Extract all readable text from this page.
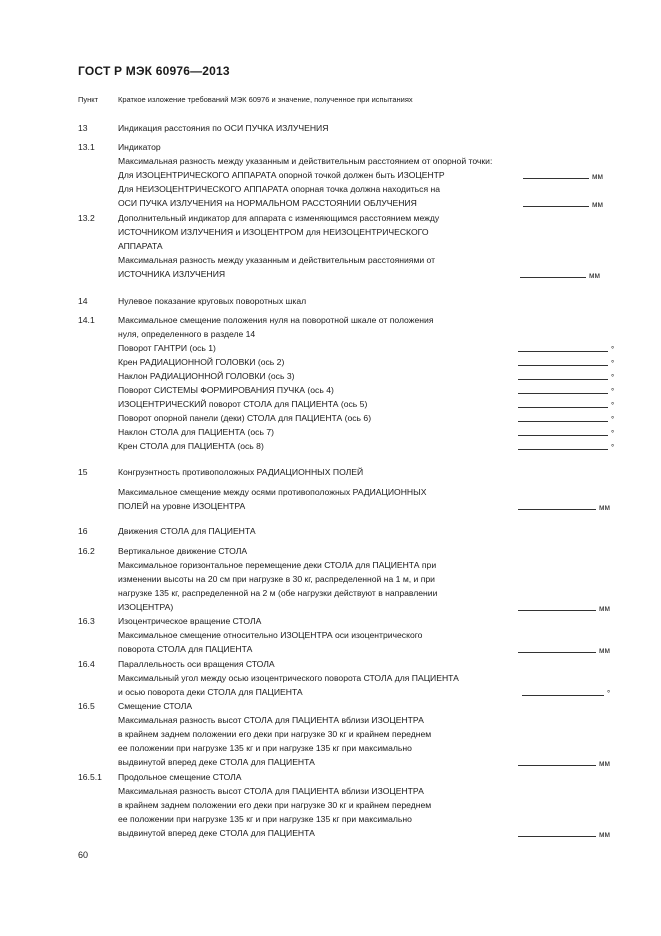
ГОСТ Р МЭК 60976—2013
Пункт	Краткое изложение требований МЭК 60976 и значение, полученное при испытаниях
13	Индикация расстояния по ОСИ ПУЧКА ИЗЛУЧЕНИЯ
13.1	Индикатор
Максимальная разность между указанным и действительным расстоянием от опорной точки:
Для ИЗОЦЕНТРИЧЕСКОГО АППАРАТА опорной точкой должен быть ИЗОЦЕНТР	мм
Для НЕИЗОЦЕНТРИЧЕСКОГО АППАРАТА опорная точка должна находиться на
ОСИ ПУЧКА ИЗЛУЧЕНИЯ на НОРМАЛЬНОМ РАССТОЯНИИ ОБЛУЧЕНИЯ	мм
13.2	Дополнительный индикатор для аппарата с изменяющимся расстоянием между
ИСТОЧНИКОМ ИЗЛУЧЕНИЯ и ИЗОЦЕНТРОМ для НЕИЗОЦЕНТРИЧЕСКОГО
АППАРАТА
Максимальная разность между указанным и действительным расстояниями от
ИСТОЧНИКА ИЗЛУЧЕНИЯ	мм
14	Нулевое показание круговых поворотных шкал
14.1	Максимальное смещение положения нуля на поворотной шкале от положения
нуля, определенного в разделе 14
Поворот ГАНТРИ (ось 1)	°
Крен РАДИАЦИОННОЙ ГОЛОВКИ (ось 2)	°
Наклон РАДИАЦИОННОЙ ГОЛОВКИ (ось 3)	°
Поворот СИСТЕМЫ ФОРМИРОВАНИЯ ПУЧКА (ось 4)	°
ИЗОЦЕНТРИЧЕСКИЙ поворот СТОЛА для ПАЦИЕНТА (ось 5)	°
Поворот опорной панели (деки) СТОЛА для ПАЦИЕНТА (ось 6)	°
Наклон СТОЛА для ПАЦИЕНТА (ось 7)	°
Крен СТОЛА для ПАЦИЕНТА (ось 8)	°
15	Конгруэнтность противоположных РАДИАЦИОННЫХ ПОЛЕЙ
Максимальное смещение между осями противоположных РАДИАЦИОННЫХ
ПОЛЕЙ на уровне ИЗОЦЕНТРА	мм
16	Движения СТОЛА для ПАЦИЕНТА
16.2	Вертикальное движение СТОЛА
Максимальное горизонтальное перемещение деки СТОЛА для ПАЦИЕНТА при
изменении высоты на 20 см при нагрузке в 30 кг, распределенной на 1 м, и при
нагрузке 135 кг, распределенной на 2 м (обе нагрузки действуют в направлении
ИЗОЦЕНТРА)	мм
16.3	Изоцентрическое вращение СТОЛА
Максимальное смещение относительно ИЗОЦЕНТРА оси изоцентрического
поворота СТОЛА для ПАЦИЕНТА	мм
16.4	Параллельность оси вращения СТОЛА
Максимальный угол между осью изоцентрического поворота СТОЛА для ПАЦИЕНТА
и осью поворота деки СТОЛА для ПАЦИЕНТА	°
16.5	Смещение СТОЛА
Максимальная разность высот СТОЛА для ПАЦИЕНТА вблизи ИЗОЦЕНТРА
в крайнем заднем положении его деки при нагрузке 30 кг и крайнем переднем
ее положении при нагрузке 135 кг и при нагрузке 135 кг при максимально
выдвинутой вперед деке СТОЛА для ПАЦИЕНТА	мм
16.5.1 Продольное смещение СТОЛА
Максимальная разность высот СТОЛА для ПАЦИЕНТА вблизи ИЗОЦЕНТРА
в крайнем заднем положении его деки при нагрузке 30 кг и крайнем переднем
ее положении при нагрузке 135 кг и при нагрузке 135 кг при максимально
выдвинутой вперед деке СТОЛА для ПАЦИЕНТА	мм
60
